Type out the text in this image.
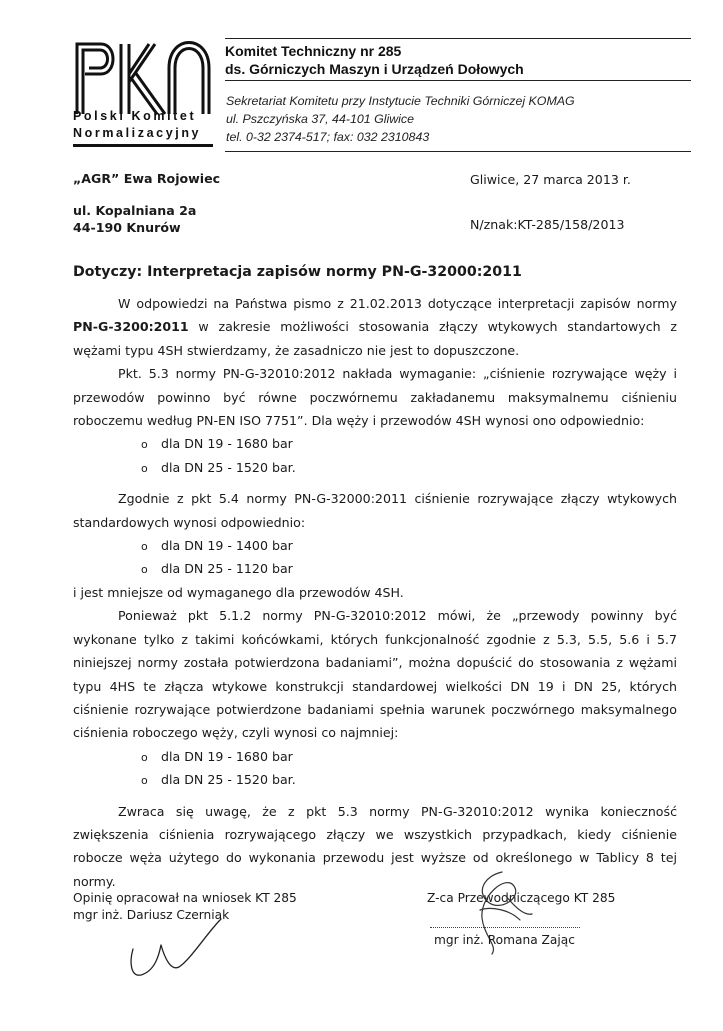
Polski Komitet
Normalizacyjny
Komitet Techniczny nr 285
ds. Górniczych Maszyn i Urządzeń Dołowych
Sekretariat Komitetu przy Instytucie Techniki Górniczej KOMAG
ul. Pszczyńska 37, 44-101 Gliwice
tel. 0-32 2374-517; fax: 032 2310843
„AGR” Ewa Rojowiec
ul. Kopalniana 2a
44-190 Knurów
Gliwice, 27 marca 2013 r.
N/znak:KT-285/158/2013
Dotyczy: Interpretacja zapisów normy PN-G-32000:2011

W odpowiedzi na Państwa pismo z 21.02.2013 dotyczące interpretacji zapisów normy PN-G-3200:2011 w zakresie możliwości stosowania złączy wtykowych standartowych z wężami typu 4SH stwierdzamy, że zasadniczo nie jest to dopuszczone.

Pkt. 5.3 normy PN-G-32010:2012 nakłada wymaganie: „ciśnienie rozrywające węży i przewodów powinno być równe poczwórnemu zakładanemu maksymalnemu ciśnieniu roboczemu według PN-EN ISO 7751”. Dla węży i przewodów 4SH wynosi ono odpowiednio:

o dla DN 19 - 1680 bar
o dla DN 25 - 1520 bar.

Zgodnie z pkt 5.4 normy PN-G-32000:2011 ciśnienie rozrywające złączy wtykowych standardowych wynosi odpowiednio:

o dla DN 19 - 1400 bar
o dla DN 25 - 1120 bar

i jest mniejsze od wymaganego dla przewodów 4SH.

Ponieważ pkt 5.1.2 normy PN-G-32010:2012 mówi, że „przewody powinny być wykonane tylko z takimi końcówkami, których funkcjonalność zgodnie z 5.3, 5.5, 5.6 i 5.7 niniejszej normy została potwierdzona badaniami”, można dopuścić do stosowania z wężami typu 4HS te złącza wtykowe konstrukcji standardowej wielkości DN 19 i DN 25, których ciśnienie rozrywające potwierdzone badaniami spełnia warunek poczwórnego maksymalnego ciśnienia roboczego węży, czyli wynosi co najmniej:

o dla DN 19 - 1680 bar
o dla DN 25 - 1520 bar.

Zwraca się uwagę, że z pkt 5.3 normy PN-G-32010:2012 wynika konieczność zwiększenia ciśnienia rozrywającego złączy we wszystkich przypadkach, kiedy ciśnienie robocze węża użytego do wykonania przewodu jest wyższe od określonego w Tablicy 8 tej normy.

Opinię opracował na wniosek KT 285
mgr inż. Dariusz Czerniak
Z-ca Przewodniczącego KT 285
mgr inż. Romana Zając
